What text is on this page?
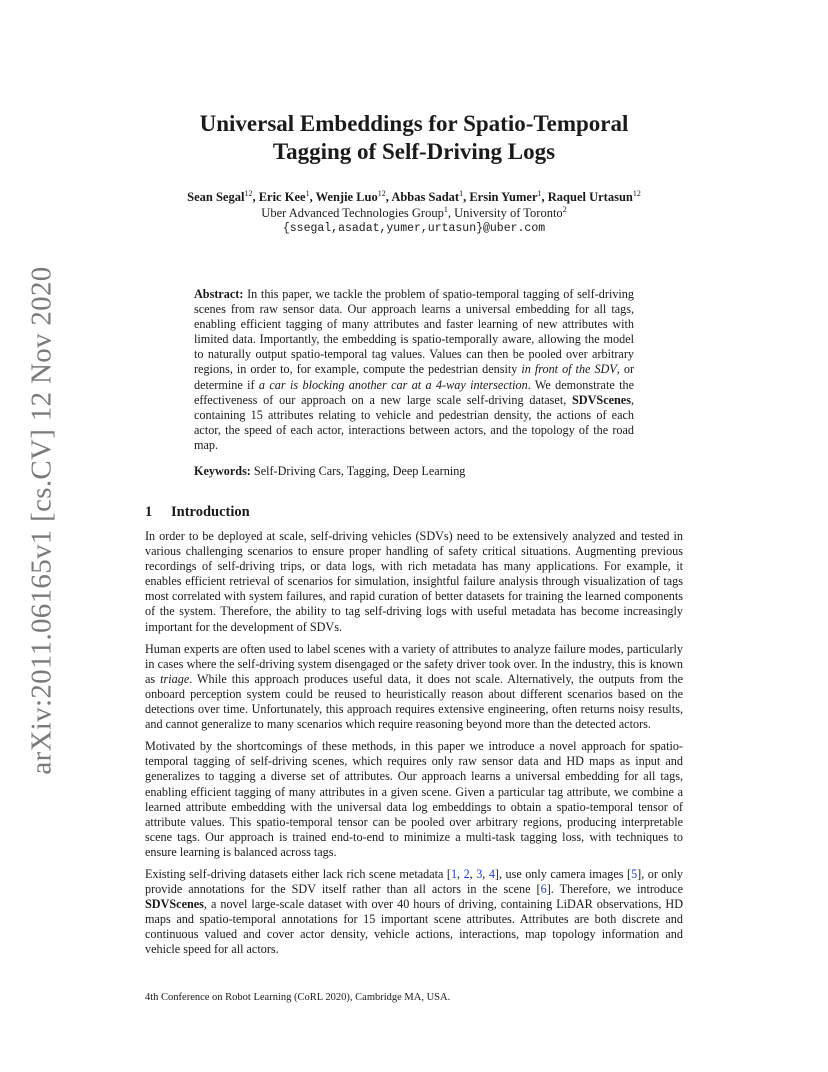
arXiv:2011.06165v1 [cs.CV] 12 Nov 2020
Universal Embeddings for Spatio-Temporal
Tagging of Self-Driving Logs
Sean Segal$^{12}$, Eric Kee$^1$, Wenjie Luo$^{12}$, Abbas Sadat$^1$, Ersin Yumer$^1$, Raquel Urtasun$^{12}$
Uber Advanced Technologies Group$^1$, University of Toronto$^2$
{ssegal,asadat,yumer,urtasun}@uber.com

Abstract: In this paper, we tackle the problem of spatio-temporal tagging of self-driving scenes from raw sensor data. Our approach learns a universal embedding for all tags, enabling efficient tagging of many attributes and faster learning of new attributes with limited data. Importantly, the embedding is spatio-temporally aware, allowing the model to naturally output spatio-temporal tag values. Values can then be pooled over arbitrary regions, in order to, for example, compute the pedestrian density in front of the SDV, or determine if a car is blocking another car at a 4-way intersection. We demonstrate the effectiveness of our approach on a new large scale self-driving dataset, SDVScenes, containing 15 attributes relating to vehicle and pedestrian density, the actions of each actor, the speed of each actor, interactions between actors, and the topology of the road map.

Keywords: Self-Driving Cars, Tagging, Deep Learning

1 Introduction

In order to be deployed at scale, self-driving vehicles (SDVs) need to be extensively analyzed and tested in various challenging scenarios to ensure proper handling of safety critical situations. Augmenting previous recordings of self-driving trips, or data logs, with rich metadata has many applications. For example, it enables efficient retrieval of scenarios for simulation, insightful failure analysis through visualization of tags most correlated with system failures, and rapid curation of better datasets for training the learned components of the system. Therefore, the ability to tag self-driving logs with useful metadata has become increasingly important for the development of SDVs.

Human experts are often used to label scenes with a variety of attributes to analyze failure modes, particularly in cases where the self-driving system disengaged or the safety driver took over. In the industry, this is known as triage. While this approach produces useful data, it does not scale. Alternatively, the outputs from the onboard perception system could be reused to heuristically reason about different scenarios based on the detections over time. Unfortunately, this approach requires extensive engineering, often returns noisy results, and cannot generalize to many scenarios which require reasoning beyond more than the detected actors.

Motivated by the shortcomings of these methods, in this paper we introduce a novel approach for spatio-temporal tagging of self-driving scenes, which requires only raw sensor data and HD maps as input and generalizes to tagging a diverse set of attributes. Our approach learns a universal embedding for all tags, enabling efficient tagging of many attributes in a given scene. Given a particular tag attribute, we combine a learned attribute embedding with the universal data log embeddings to obtain a spatio-temporal tensor of attribute values. This spatio-temporal tensor can be pooled over arbitrary regions, producing interpretable scene tags. Our approach is trained end-to-end to minimize a multi-task tagging loss, with techniques to ensure learning is balanced across tags.

Existing self-driving datasets either lack rich scene metadata [1, 2, 3, 4], use only camera images [5], or only provide annotations for the SDV itself rather than all actors in the scene [6]. Therefore, we introduce SDVScenes, a novel large-scale dataset with over 40 hours of driving, containing LiDAR observations, HD maps and spatio-temporal annotations for 15 important scene attributes. Attributes are both discrete and continuous valued and cover actor density, vehicle actions, interactions, map topology information and vehicle speed for all actors.

4th Conference on Robot Learning (CoRL 2020), Cambridge MA, USA.
